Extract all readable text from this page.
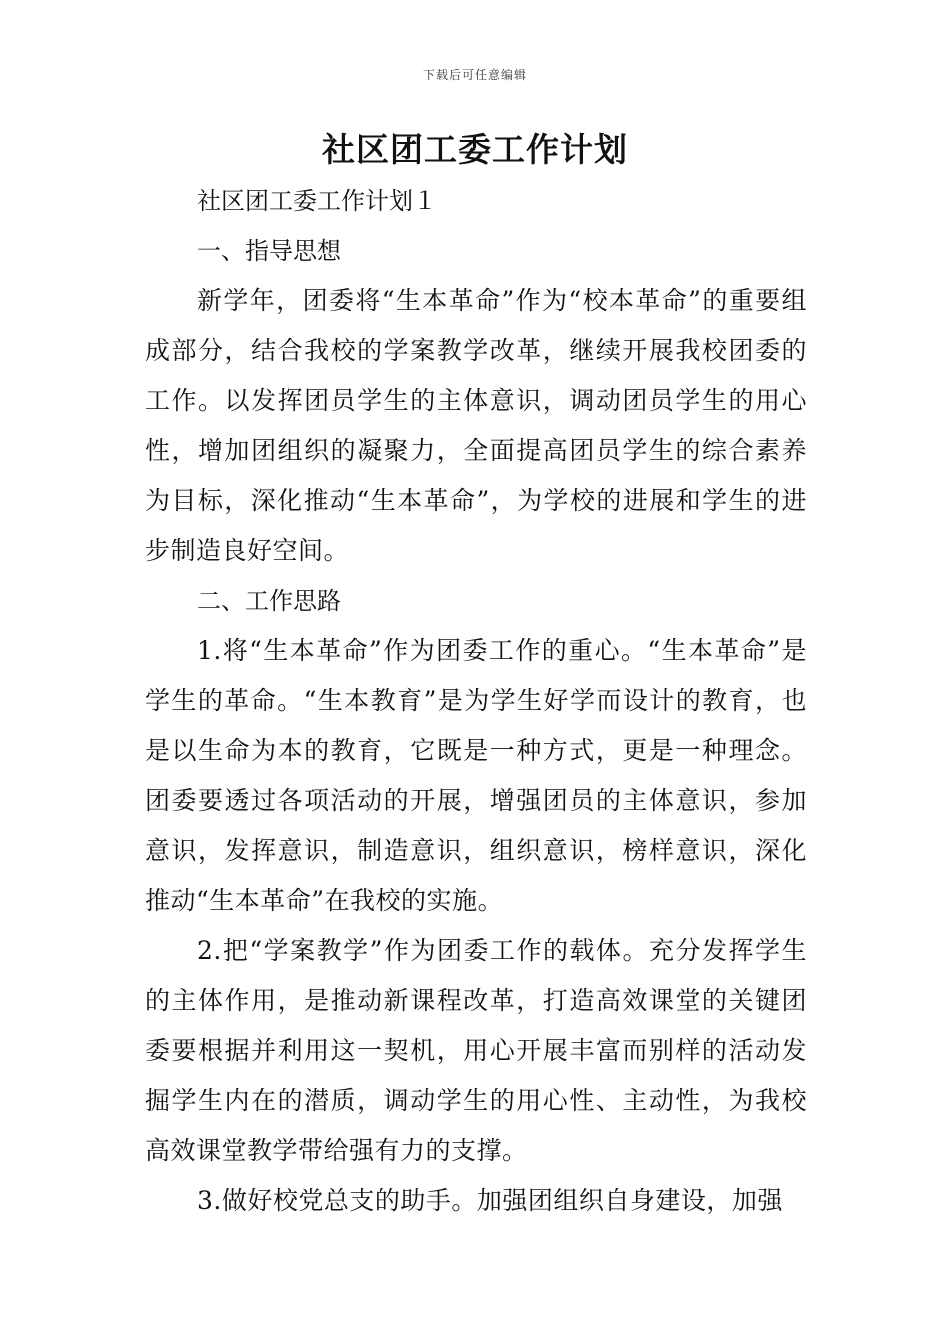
下载后可任意编辑
社区团工委工作计划

社区团工委工作计划１

一、指导思想

新学年，团委将“生本革命”作为“校本革命”的重要组成部分，结合我校的学案教学改革，继续开展我校团委的工作。以发挥团员学生的主体意识，调动团员学生的用心性，增加团组织的凝聚力，全面提高团员学生的综合素养为目标，深化推动“生本革命”，为学校的进展和学生的进步制造良好空间。

二、工作思路

1.将“生本革命”作为团委工作的重心。“生本革命”是学生的革命。“生本教育”是为学生好学而设计的教育，也是以生命为本的教育，它既是一种方式，更是一种理念。团委要透过各项活动的开展，增强团员的主体意识，参加意识，发挥意识，制造意识，组织意识，榜样意识，深化推动“生本革命”在我校的实施。

2.把“学案教学”作为团委工作的载体。充分发挥学生的主体作用，是推动新课程改革，打造高效课堂的关键团委要根据并利用这一契机，用心开展丰富而别样的活动发掘学生内在的潜质，调动学生的用心性、主动性，为我校高效课堂教学带给强有力的支撑。

3.做好校党总支的助手。加强团组织自身建设，加强
